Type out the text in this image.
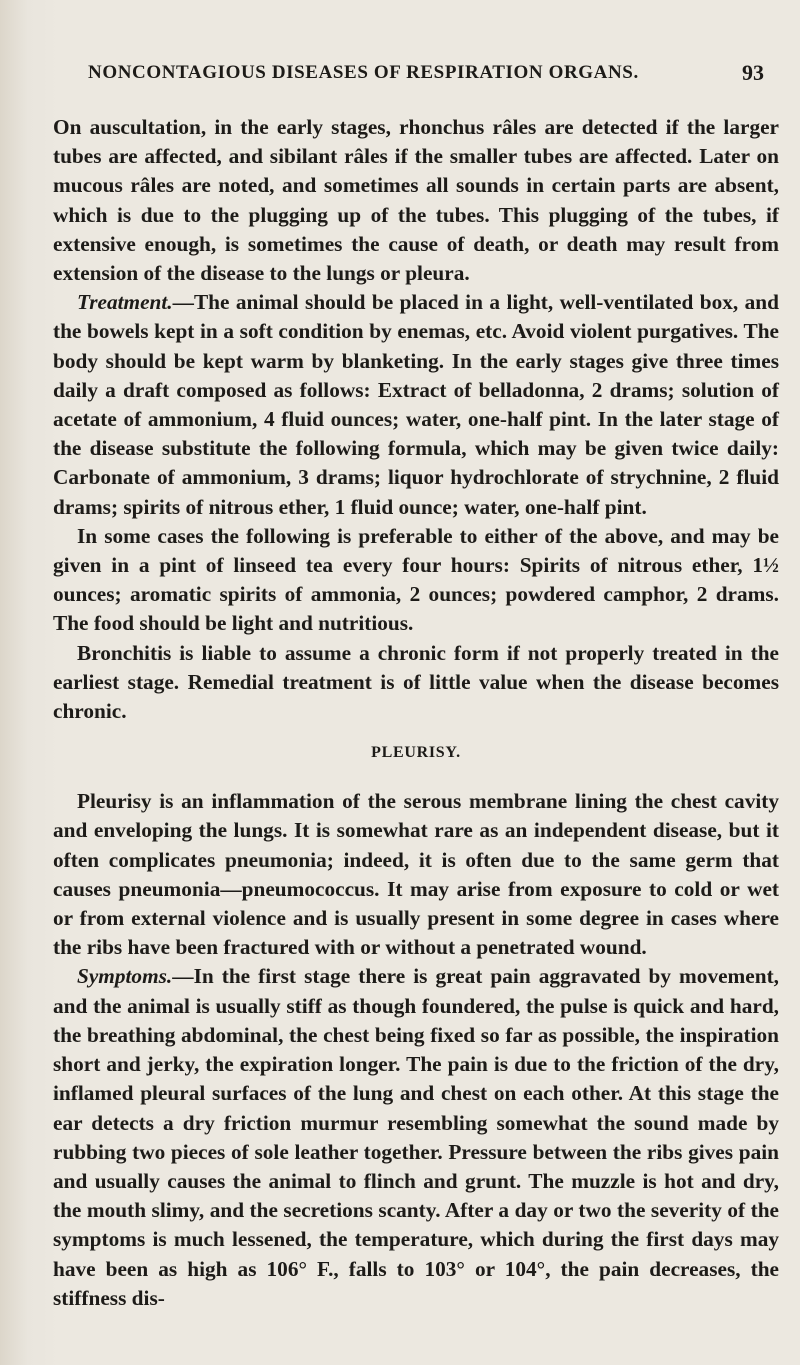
NONCONTAGIOUS DISEASES OF RESPIRATION ORGANS.	93

On auscultation, in the early stages, rhonchus râles are detected if the larger tubes are affected, and sibilant râles if the smaller tubes are affected. Later on mucous râles are noted, and sometimes all sounds in certain parts are absent, which is due to the plugging up of the tubes. This plugging of the tubes, if extensive enough, is sometimes the cause of death, or death may result from extension of the disease to the lungs or pleura.

Treatment.—The animal should be placed in a light, well-ventilated box, and the bowels kept in a soft condition by enemas, etc. Avoid violent purgatives. The body should be kept warm by blanketing. In the early stages give three times daily a draft composed as follows: Extract of belladonna, 2 drams; solution of acetate of ammonium, 4 fluid ounces; water, one-half pint. In the later stage of the disease substitute the following formula, which may be given twice daily: Carbonate of ammonium, 3 drams; liquor hydrochlorate of strychnine, 2 fluid drams; spirits of nitrous ether, 1 fluid ounce; water, one-half pint.

In some cases the following is preferable to either of the above, and may be given in a pint of linseed tea every four hours: Spirits of nitrous ether, 1½ ounces; aromatic spirits of ammonia, 2 ounces; powdered camphor, 2 drams. The food should be light and nutritious.

Bronchitis is liable to assume a chronic form if not properly treated in the earliest stage. Remedial treatment is of little value when the disease becomes chronic.

PLEURISY.

Pleurisy is an inflammation of the serous membrane lining the chest cavity and enveloping the lungs. It is somewhat rare as an independent disease, but it often complicates pneumonia; indeed, it is often due to the same germ that causes pneumonia—pneumococcus. It may arise from exposure to cold or wet or from external violence and is usually present in some degree in cases where the ribs have been fractured with or without a penetrated wound.

Symptoms.—In the first stage there is great pain aggravated by movement, and the animal is usually stiff as though foundered, the pulse is quick and hard, the breathing abdominal, the chest being fixed so far as possible, the inspiration short and jerky, the expiration longer. The pain is due to the friction of the dry, inflamed pleural surfaces of the lung and chest on each other. At this stage the ear detects a dry friction murmur resembling somewhat the sound made by rubbing two pieces of sole leather together. Pressure between the ribs gives pain and usually causes the animal to flinch and grunt. The muzzle is hot and dry, the mouth slimy, and the secretions scanty. After a day or two the severity of the symptoms is much lessened, the temperature, which during the first days may have been as high as 106° F., falls to 103° or 104°, the pain decreases, the stiffness dis-
